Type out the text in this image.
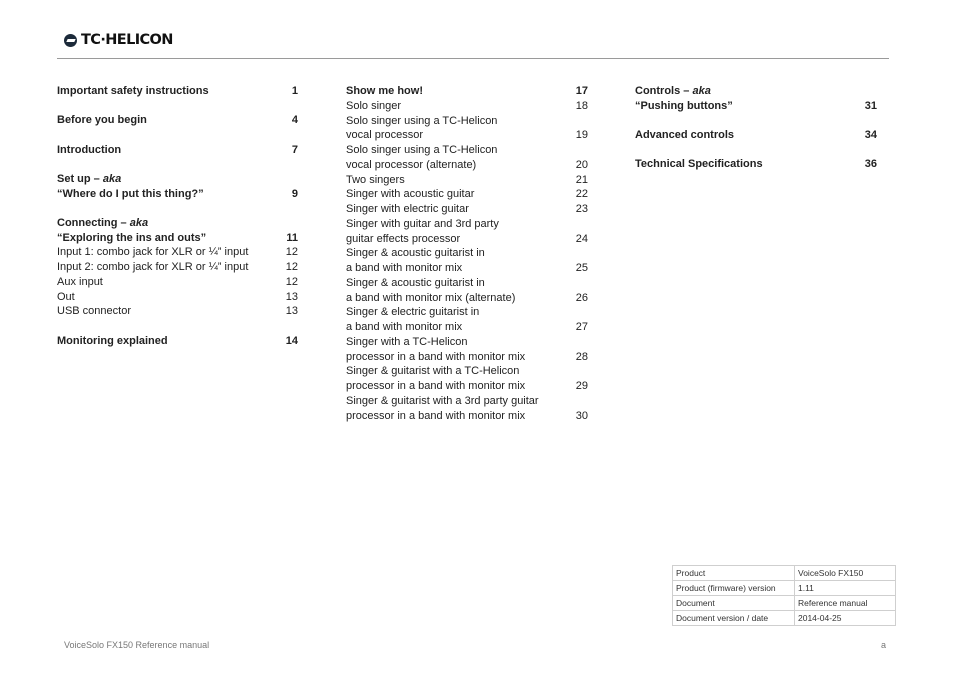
TC·HELICON
Important safety instructions	1
Before you begin	4
Introduction	7
Set up – aka
“Where do I put this thing?”	9
Connecting – aka
“Exploring the ins and outs”	11
Input 1: combo jack for XLR or ¼” input	12
Input 2: combo jack for XLR or ¼” input	12
Aux input	12
Out	13
USB connector	13
Monitoring explained	14
Show me how!	17
Solo singer	18
Solo singer using a TC-Helicon
vocal processor	19
Solo singer using a TC-Helicon
vocal processor (alternate)	20
Two singers	21
Singer with acoustic guitar	22
Singer with electric guitar	23
Singer with guitar and 3rd party
guitar effects processor	24
Singer & acoustic guitarist in
a band with monitor mix	25
Singer & acoustic guitarist in
a band with monitor mix (alternate)	26
Singer & electric guitarist in
a band with monitor mix	27
Singer with a TC-Helicon
processor in a band with monitor mix	28
Singer & guitarist with a TC-Helicon
processor in a band with monitor mix	29
Singer & guitarist with a 3rd party guitar
processor in a band with monitor mix	30
Controls – aka
“Pushing buttons”	31
Advanced controls	34
Technical Specifications	36
Product	VoiceSolo FX150
Product (firmware) version	1.11
Document	Reference manual
Document version / date	2014-04-25
VoiceSolo FX150 Reference manual	a
